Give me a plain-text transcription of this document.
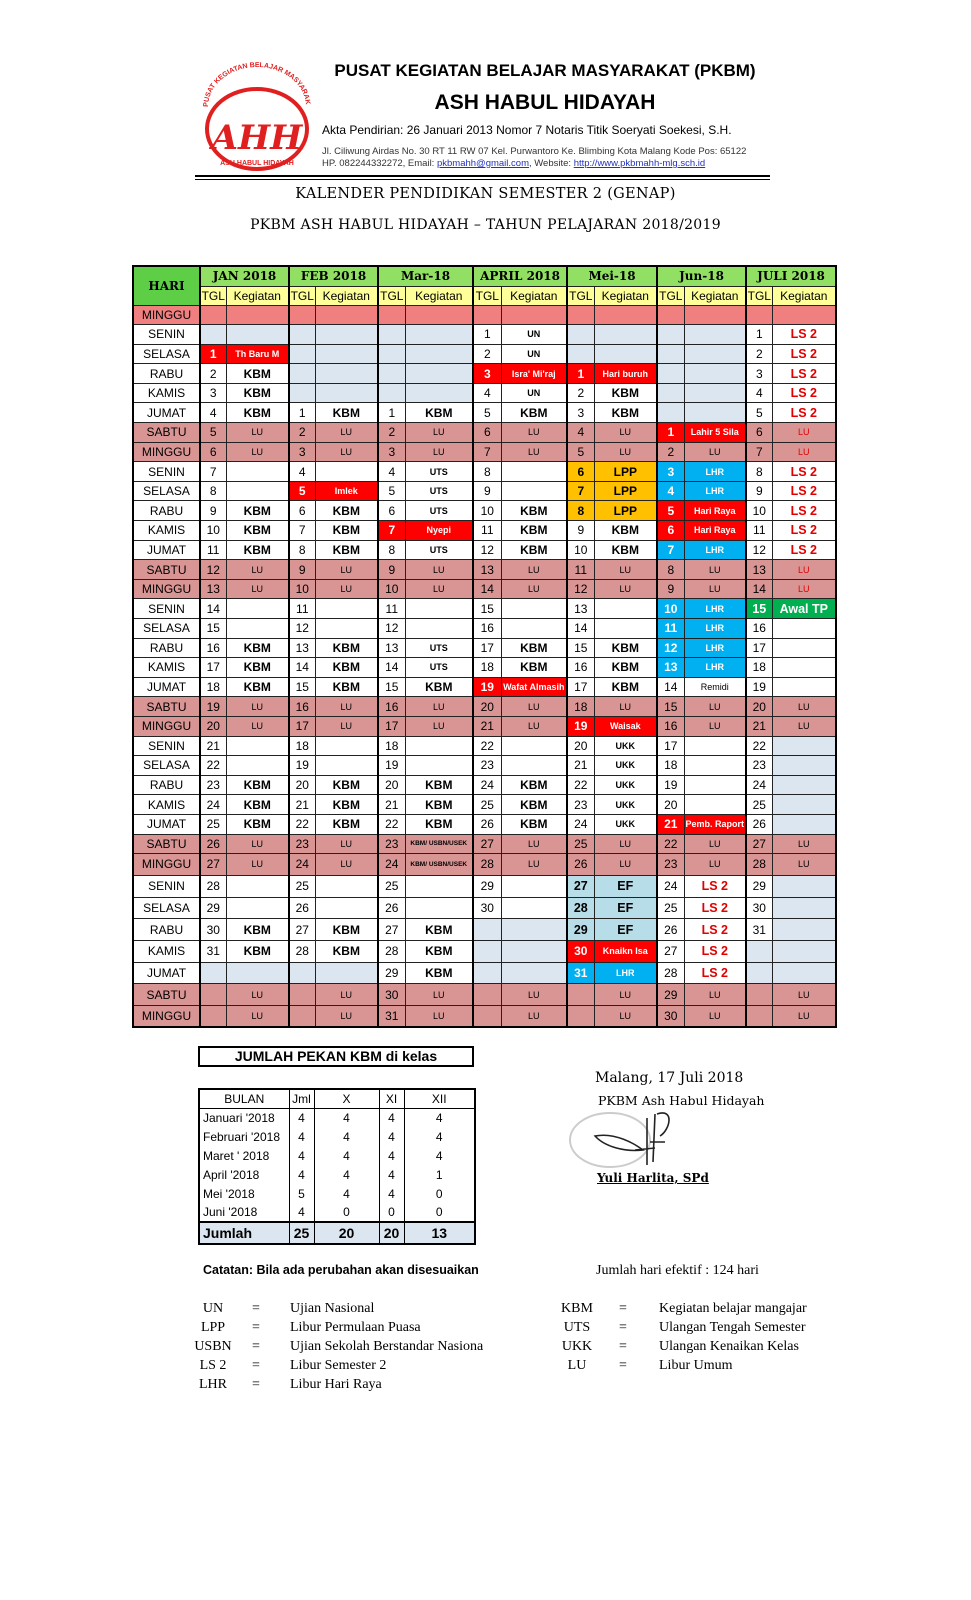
PUSAT KEGIATAN BELAJAR MASYARAK
AHH
ASH HABUL HIDAYAH
PUSAT KEGIATAN BELAJAR MASYARAKAT (PKBM)
ASH HABUL HIDAYAH
Akta Pendirian: 26 Januari 2013 Nomor 7 Notaris Titik Soeryati Soekesi, S.H.
Jl. Ciliwung Airdas No. 30 RT 11 RW 07 Kel. Purwantoro Ke. Blimbing Kota Malang Kode Pos: 65122
HP. 082244332272, Email: pkbmahh@gmail.com, Website: http://www.pkbmahh-mlg.sch.id
KALENDER PENDIDIKAN SEMESTER 2 (GENAP)
PKBM ASH HABUL HIDAYAH – TAHUN PELAJARAN 2018/2019
HARI	JAN 2018		FEB 2018		Mar-18		APRIL 2018		Mei-18		Jun-18		JULI 2018	
	TGL	Kegiatan	TGL	Kegiatan	TGL	Kegiatan	TGL	Kegiatan	TGL	Kegiatan	TGL	Kegiatan	TGL	Kegiatan
MINGGU														
SENIN							1	UN					1	LS 2
SELASA	1	Th Baru M					2	UN					2	LS 2
RABU	2	KBM					3	Isra' Mi'raj	1	Hari buruh			3	LS 2
KAMIS	3	KBM					4	UN	2	KBM			4	LS 2
JUMAT	4	KBM	1	KBM	1	KBM	5	KBM	3	KBM			5	LS 2
SABTU	5	LU	2	LU	2	LU	6	LU	4	LU	1	Lahir 5 Sila	6	LU
MINGGU	6	LU	3	LU	3	LU	7	LU	5	LU	2	LU	7	LU
SENIN	7		4		4	UTS	8		6	LPP	3	LHR	8	LS 2
SELASA	8		5	Imlek	5	UTS	9		7	LPP	4	LHR	9	LS 2
RABU	9	KBM	6	KBM	6	UTS	10	KBM	8	LPP	5	Hari Raya	10	LS 2
KAMIS	10	KBM	7	KBM	7	Nyepi	11	KBM	9	KBM	6	Hari Raya	11	LS 2
JUMAT	11	KBM	8	KBM	8	UTS	12	KBM	10	KBM	7	LHR	12	LS 2
SABTU	12	LU	9	LU	9	LU	13	LU	11	LU	8	LU	13	LU
MINGGU	13	LU	10	LU	10	LU	14	LU	12	LU	9	LU	14	LU
SENIN	14		11		11		15		13		10	LHR	15	Awal TP
SELASA	15		12		12		16		14		11	LHR	16	
RABU	16	KBM	13	KBM	13	UTS	17	KBM	15	KBM	12	LHR	17	
KAMIS	17	KBM	14	KBM	14	UTS	18	KBM	16	KBM	13	LHR	18	
JUMAT	18	KBM	15	KBM	15	KBM	19	Wafat Almasih	17	KBM	14	Remidi	19	
SABTU	19	LU	16	LU	16	LU	20	LU	18	LU	15	LU	20	LU
MINGGU	20	LU	17	LU	17	LU	21	LU	19	Waisak	16	LU	21	LU
SENIN	21		18		18		22		20	UKK	17		22	
SELASA	22		19		19		23		21	UKK	18		23	
RABU	23	KBM	20	KBM	20	KBM	24	KBM	22	UKK	19		24	
KAMIS	24	KBM	21	KBM	21	KBM	25	KBM	23	UKK	20		25	
JUMAT	25	KBM	22	KBM	22	KBM	26	KBM	24	UKK	21	Pemb. Raport	26	
SABTU	26	LU	23	LU	23	KBM/ USBN/USEK	27	LU	25	LU	22	LU	27	LU
MINGGU	27	LU	24	LU	24	KBM/ USBN/USEK	28	LU	26	LU	23	LU	28	LU
SENIN	28		25		25		29		27	EF	24	LS 2	29	
SELASA	29		26		26		30		28	EF	25	LS 2	30	
RABU	30	KBM	27	KBM	27	KBM			29	EF	26	LS 2	31	
KAMIS	31	KBM	28	KBM	28	KBM			30	Knaikn Isa	27	LS 2		
JUMAT					29	KBM			31	LHR	28	LS 2		
SABTU		LU		LU	30	LU		LU		LU	29	LU		LU
MINGGU		LU		LU	31	LU		LU		LU	30	LU		LU
JUMLAH PEKAN KBM di kelas
BULAN	Jml	X	XI	XII
Januari '2018	4	4	4	4
Februari '2018	4	4	4	4
Maret ' 2018	4	4	4	4
April '2018	4	4	4	1
Mei '2018	5	4	4	0
Juni '2018	4	0	0	0
Jumlah	25	20	20	13
Malang, 17 Juli 2018
PKBM Ash Habul Hidayah
Yuli Harlita, SPd
Catatan: Bila ada perubahan akan disesuaikan	Jumlah hari efektif : 124 hari
UN	= Ujian Nasional
LPP	= Libur Permulaan Puasa
USBN	= Ujian Sekolah Berstandar Nasiona
LS 2	= Libur Semester 2
LHR	= Libur Hari Raya
KBM	= Kegiatan belajar mangajar
UTS	= Ulangan Tengah Semester
UKK	= Ulangan Kenaikan Kelas
LU	= Libur Umum
